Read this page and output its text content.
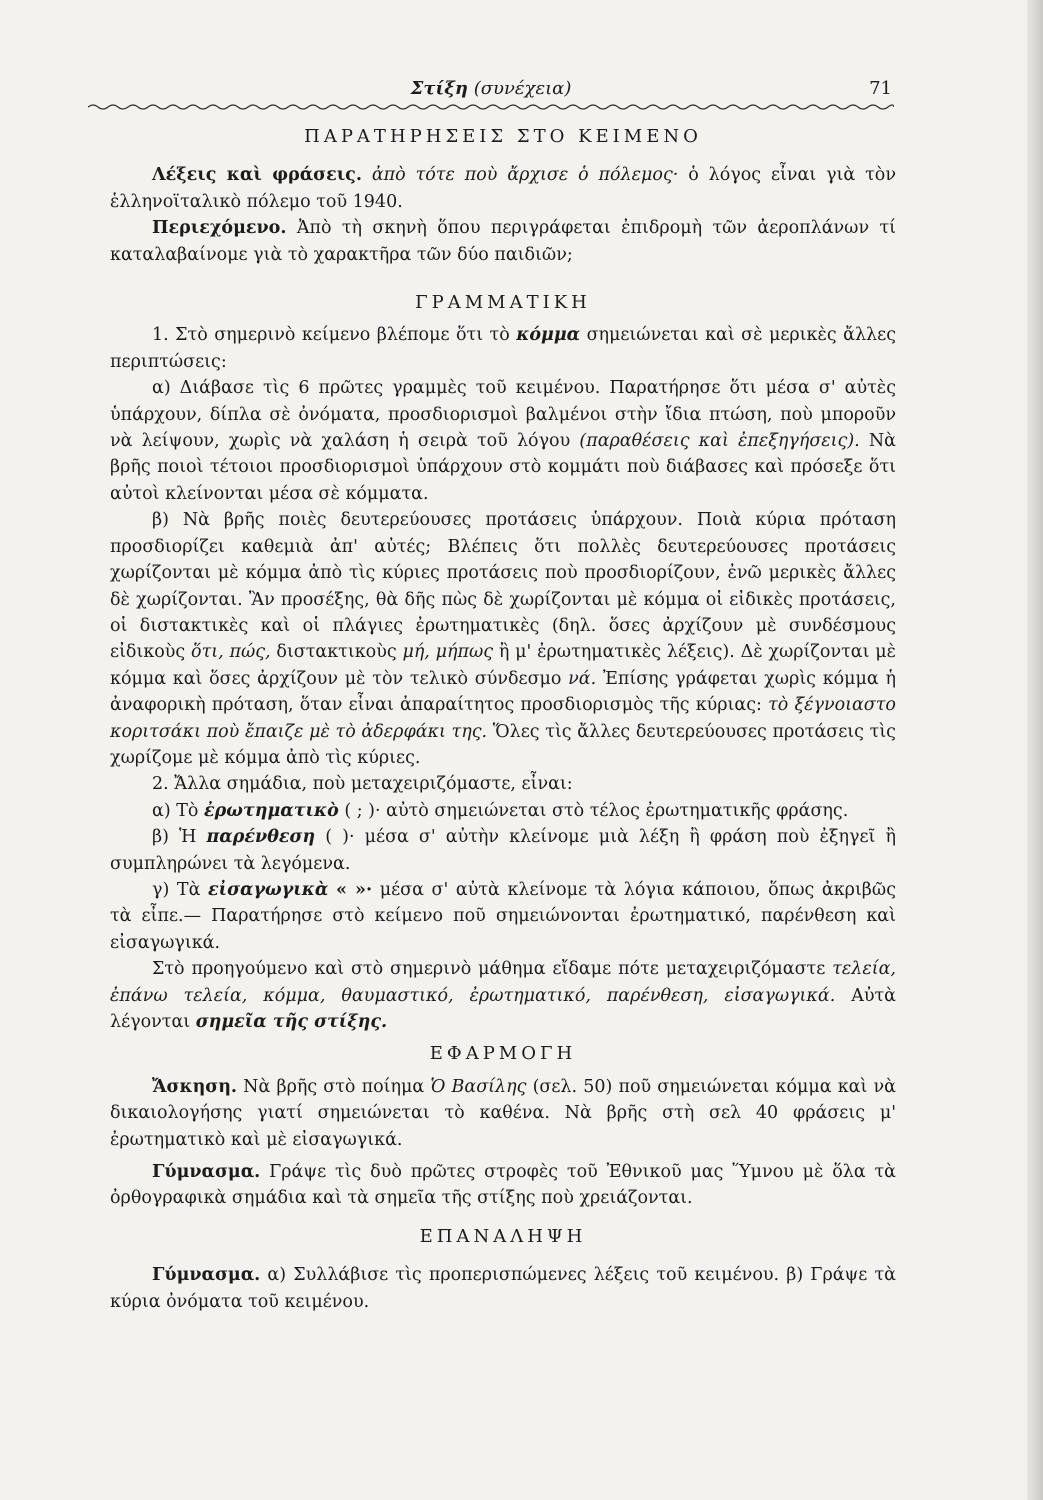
Στίξη (συνέχεια)	71

ΠΑΡΑΤΗΡΗΣΕΙΣ ΣΤΟ ΚΕΙΜΕΝΟ

Λέξεις καὶ φράσεις. ἀπὸ τότε ποὺ ἄρχισε ὁ πόλεμος· ὁ λόγος εἶναι γιὰ τὸν ἑλληνοϊταλικὸ πόλεμο τοῦ 1940.

Περιεχόμενο. Ἀπὸ τὴ σκηνὴ ὅπου περιγράφεται ἐπιδρομὴ τῶν ἀεροπλάνων τί καταλαβαίνομε γιὰ τὸ χαρακτῆρα τῶν δύο παιδιῶν;

ΓΡΑΜΜΑΤΙΚΗ

1. Στὸ σημερινὸ κείμενο βλέπομε ὅτι τὸ κόμμα σημειώνεται καὶ σὲ μερικὲς ἄλλες περιπτώσεις:

α) Διάβασε τὶς 6 πρῶτες γραμμὲς τοῦ κειμένου. Παρατήρησε ὅτι μέσα σ' αὐτὲς ὑπάρχουν, δίπλα σὲ ὀνόματα, προσδιορισμοὶ βαλμένοι στὴν ἴδια πτώση, ποὺ μποροῦν νὰ λείψουν, χωρὶς νὰ χαλάση ἡ σειρὰ τοῦ λόγου (παραθέσεις καὶ ἐπεξηγήσεις). Νὰ βρῆς ποιοὶ τέτοιοι προσδιορισμοὶ ὑπάρχουν στὸ κομμάτι ποὺ διάβασες καὶ πρόσεξε ὅτι αὐτοὶ κλείνονται μέσα σὲ κόμματα.

β) Νὰ βρῆς ποιὲς δευτερεύουσες προτάσεις ὑπάρχουν. Ποιὰ κύρια πρόταση προσδιορίζει καθεμιὰ ἀπ' αὐτές; Βλέπεις ὅτι πολλὲς δευτερεύουσες προτάσεις χωρίζονται μὲ κόμμα ἀπὸ τὶς κύριες προτάσεις ποὺ προσδιορίζουν, ἐνῶ μερικὲς ἄλλες δὲ χωρίζονται. Ἂν προσέξης, θὰ δῆς πὼς δὲ χωρίζονται μὲ κόμμα οἱ εἰδικὲς προτάσεις, οἱ διστακτικὲς καὶ οἱ πλάγιες ἐρωτηματικὲς (δηλ. ὅσες ἀρχίζουν μὲ συνδέσμους εἰδικοὺς ὅτι, πώς, διστακτικοὺς μή, μήπως ἢ μ' ἐρωτηματικὲς λέξεις). Δὲ χωρίζονται μὲ κόμμα καὶ ὅσες ἀρχίζουν μὲ τὸν τελικὸ σύνδεσμο νά. Ἐπίσης γράφεται χωρὶς κόμμα ἡ ἀναφορικὴ πρόταση, ὅταν εἶναι ἀπαραίτητος προσδιορισμὸς τῆς κύριας: τὸ ξέγνοιαστο κοριτσάκι ποὺ ἔπαιζε μὲ τὸ ἀδερφάκι της. Ὅλες τὶς ἄλλες δευτερεύουσες προτάσεις τὶς χωρίζομε μὲ κόμμα ἀπὸ τὶς κύριες.

2. Ἄλλα σημάδια, ποὺ μεταχειριζόμαστε, εἶναι:

α) Τὸ ἐρωτηματικὸ ( ; )· αὐτὸ σημειώνεται στὸ τέλος ἐρωτηματικῆς φράσης.

β) Ἡ παρένθεση ( )· μέσα σ' αὐτὴν κλείνομε μιὰ λέξη ἢ φράση ποὺ ἐξηγεῖ ἢ συμπληρώνει τὰ λεγόμενα.

γ) Τὰ εἰσαγωγικὰ « »· μέσα σ' αὐτὰ κλείνομε τὰ λόγια κάποιου, ὅπως ἀκριβῶς τὰ εἶπε.— Παρατήρησε στὸ κείμενο ποῦ σημειώνονται ἐρωτηματικό, παρένθεση καὶ εἰσαγωγικά.

Στὸ προηγούμενο καὶ στὸ σημερινὸ μάθημα εἴδαμε πότε μεταχειριζόμαστε τελεία, ἐπάνω τελεία, κόμμα, θαυμαστικό, ἐρωτηματικό, παρένθεση, εἰσαγωγικά. Αὐτὰ λέγονται σημεῖα τῆς στίξης.

ΕΦΑΡΜΟΓΗ

Ἄσκηση. Νὰ βρῆς στὸ ποίημα Ὁ Βασίλης (σελ. 50) ποῦ σημειώνεται κόμμα καὶ νὰ δικαιολογήσης γιατί σημειώνεται τὸ καθένα. Νὰ βρῆς στὴ σελ 40 φράσεις μ' ἐρωτηματικὸ καὶ μὲ εἰσαγωγικά.

Γύμνασμα. Γράψε τὶς δυὸ πρῶτες στροφὲς τοῦ Ἐθνικοῦ μας Ὕμνου μὲ ὅλα τὰ ὀρθογραφικὰ σημάδια καὶ τὰ σημεῖα τῆς στίξης ποὺ χρειάζονται.

ΕΠΑΝΑΛΗΨΗ

Γύμνασμα. α) Συλλάβισε τὶς προπερισπώμενες λέξεις τοῦ κειμένου. β) Γράψε τὰ κύρια ὀνόματα τοῦ κειμένου.
